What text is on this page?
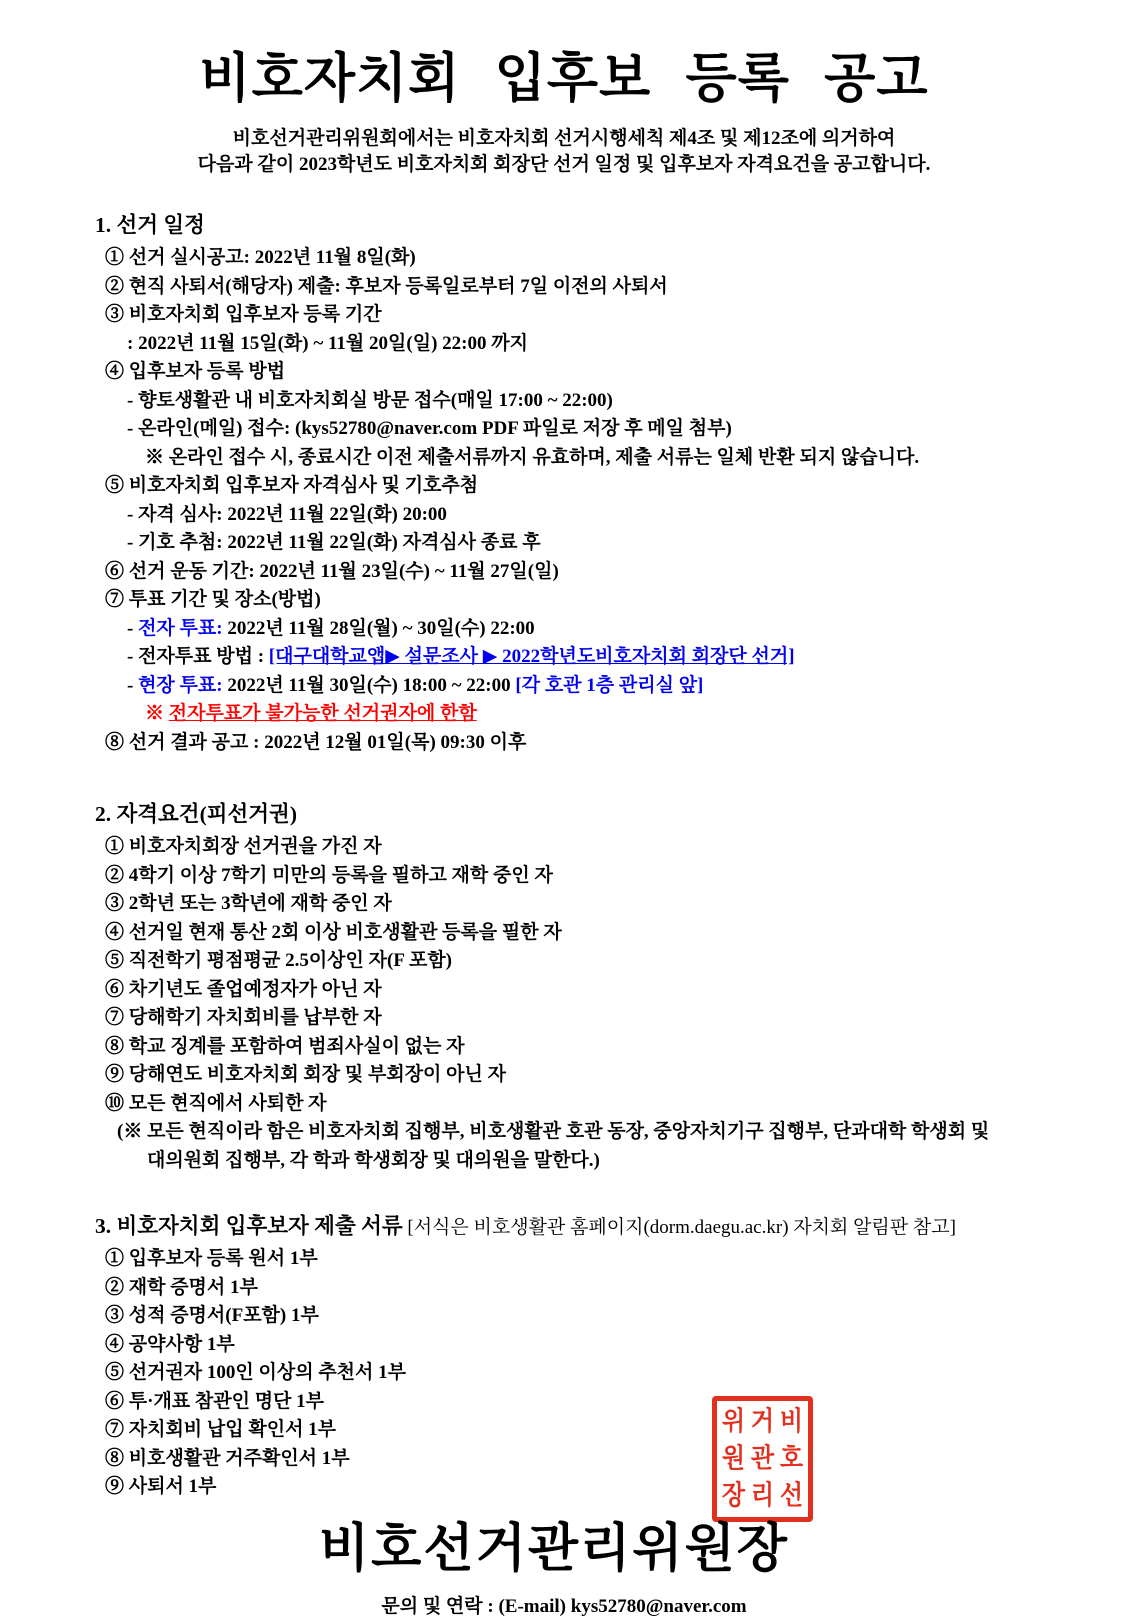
비호자치회 입후보 등록 공고

비호선거관리위원회에서는 비호자치회 선거시행세칙 제4조 및 제12조에 의거하여

다음과 같이 2023학년도 비호자치회 회장단 선거 일정 및 입후보자 자격요건을 공고합니다.

1. 선거 일정
① 선거 실시공고: 2022년 11월 8일(화)
② 현직 사퇴서(해당자) 제출: 후보자 등록일로부터 7일 이전의 사퇴서
③ 비호자치회 입후보자 등록 기간
: 2022년 11월 15일(화) ~ 11월 20일(일) 22:00 까지
④ 입후보자 등록 방법
- 향토생활관 내 비호자치회실 방문 접수(매일 17:00 ~ 22:00)
- 온라인(메일) 접수: (kys52780@naver.com PDF 파일로 저장 후 메일 첨부)
※ 온라인 접수 시, 종료시간 이전 제출서류까지 유효하며, 제출 서류는 일체 반환 되지 않습니다.
⑤ 비호자치회 입후보자 자격심사 및 기호추첨
- 자격 심사: 2022년 11월 22일(화) 20:00
- 기호 추첨: 2022년 11월 22일(화) 자격심사 종료 후
⑥ 선거 운동 기간: 2022년 11월 23일(수) ~ 11월 27일(일)
⑦ 투표 기간 및 장소(방법)
- 전자 투표: 2022년 11월 28일(월) ~ 30일(수) 22:00
- 전자투표 방법 : [대구대학교앱▶ 설문조사 ▶ 2022학년도비호자치회 회장단 선거]
- 현장 투표: 2022년 11월 30일(수) 18:00 ~ 22:00 [각 호관 1층 관리실 앞]
※ 전자투표가 불가능한 선거권자에 한함
⑧ 선거 결과 공고 : 2022년 12월 01일(목) 09:30 이후
2. 자격요건(피선거권)
① 비호자치회장 선거권을 가진 자
② 4학기 이상 7학기 미만의 등록을 필하고 재학 중인 자
③ 2학년 또는 3학년에 재학 중인 자
④ 선거일 현재 통산 2회 이상 비호생활관 등록을 필한 자
⑤ 직전학기 평점평균 2.5이상인 자(F 포함)
⑥ 차기년도 졸업예정자가 아닌 자
⑦ 당해학기 자치회비를 납부한 자
⑧ 학교 징계를 포함하여 범죄사실이 없는 자
⑨ 당해연도 비호자치회 회장 및 부회장이 아닌 자
⑩ 모든 현직에서 사퇴한 자
(※ 모든 현직이라 함은 비호자치회 집행부, 비호생활관 호관 동장, 중앙자치기구 집행부, 단과대학 학생회 및
대의원회 집행부, 각 학과 학생회장 및 대의원을 말한다.)
3. 비호자치회 입후보자 제출 서류 [서식은 비호생활관 홈페이지(dorm.daegu.ac.kr) 자치회 알림판 참고]
① 입후보자 등록 원서 1부
② 재학 증명서 1부
③ 성적 증명서(F포함) 1부
④ 공약사항 1부
⑤ 선거권자 100인 이상의 추천서 1부
⑥ 투·개표 참관인 명단 1부
⑦ 자치회비 납입 확인서 1부
⑧ 비호생활관 거주확인서 1부
⑨ 사퇴서 1부
비호선거관리위원장
위 거 비
원 관 호
장 리 선
문의 및 연락 : (E-mail) kys52780@naver.com
